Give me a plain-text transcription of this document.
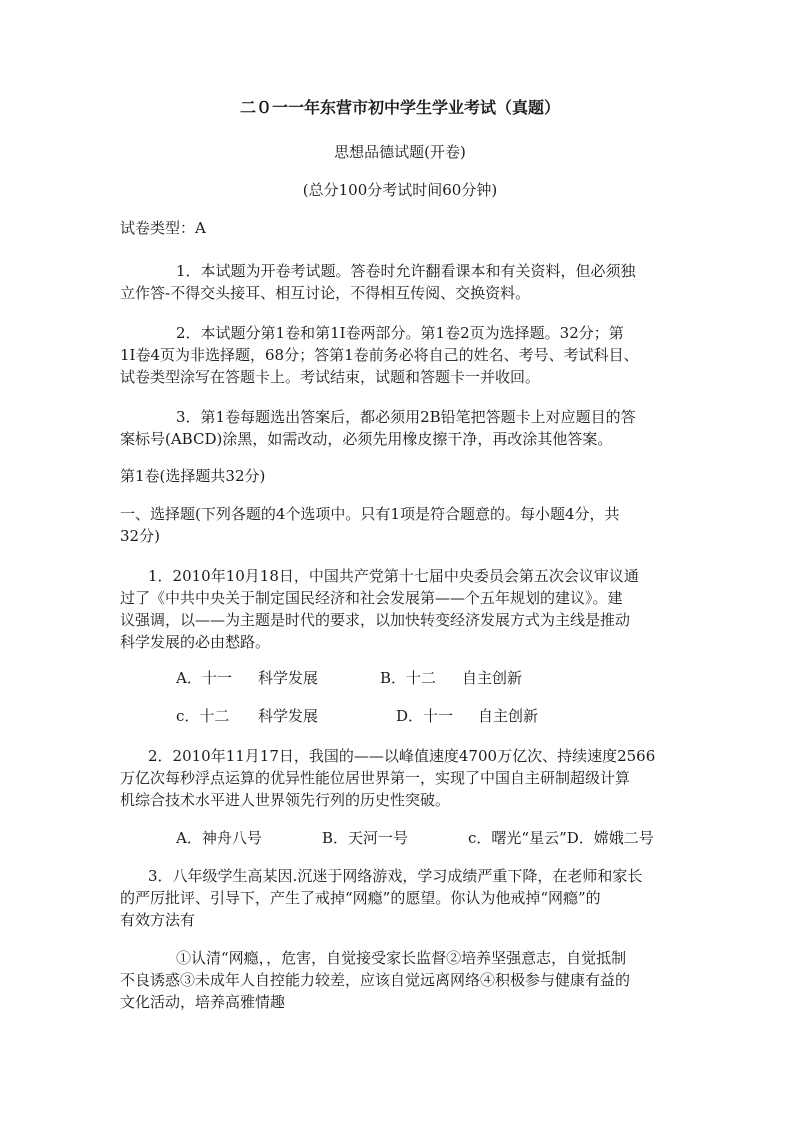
二０一一年东营市初中学生学业考试（真题）
思想品德试题(开卷)
(总分100分考试时间60分钟)
试卷类型：A
1．本试题为开卷考试题。答卷时允许翻看课本和有关资料，但必须独
立作答-不得交头接耳、相互讨论，不得相互传阅、交换资料。
2．本试题分第1卷和第1I卷两部分。第1卷2页为选择题。32分；第
1I卷4页为非选择题，68分；答第1卷前务必将自己的姓名、考号、考试科目、
试卷类型涂写在答题卡上。考试结束，试题和答题卡一并收回。
3．第1卷每题选出答案后，都必须用2B铅笔把答题卡上对应题目的答
案标号(ABCD)涂黑，如需改动，必须先用橡皮擦干净，再改涂其他答案。
第1卷(选择题共32分)
一、选择题(下列各题的4个选项中。只有1项是符合题意的。每小题4分，共
32分)
1．2010年10月18日，中国共产党第十七届中央委员会第五次会议审议通
过了《中共中央关于制定国民经济和社会发展第——个五年规划的建议》。建
议强调，以——为主题是时代的要求，以加快转变经济发展方式为主线是推动
科学发展的必由慭路。
A．十一 科学发展	B．十二 自主创新
c．十二 科学发展	D．十一 自主创新
2．2010年11月17日，我国的——以峰值速度4700万亿次、持续速度2566
万亿次每秒浮点运算的优异性能位居世界第一，实现了中国自主研制超级计算
机综合技术水平进人世界领先行列的历史性突破。
A．神舟八号	B．天河一号	c．曙光“星云”D．嫦娥二号
3．八年级学生高某因.沉迷于网络游戏，学习成绩严重下降，在老师和家长
的严厉批评、引导下，产生了戒掉“网瘾”的愿望。你认为他戒掉“网瘾”的
有效方法有
①认清“网瘾，，危害，自觉接受家长监督②培养坚强意志，自觉抵制
不良诱惑③未成年人自控能力较差，应该自觉远离网络④积极参与健康有益的
文化活动，培养高雅情趣
